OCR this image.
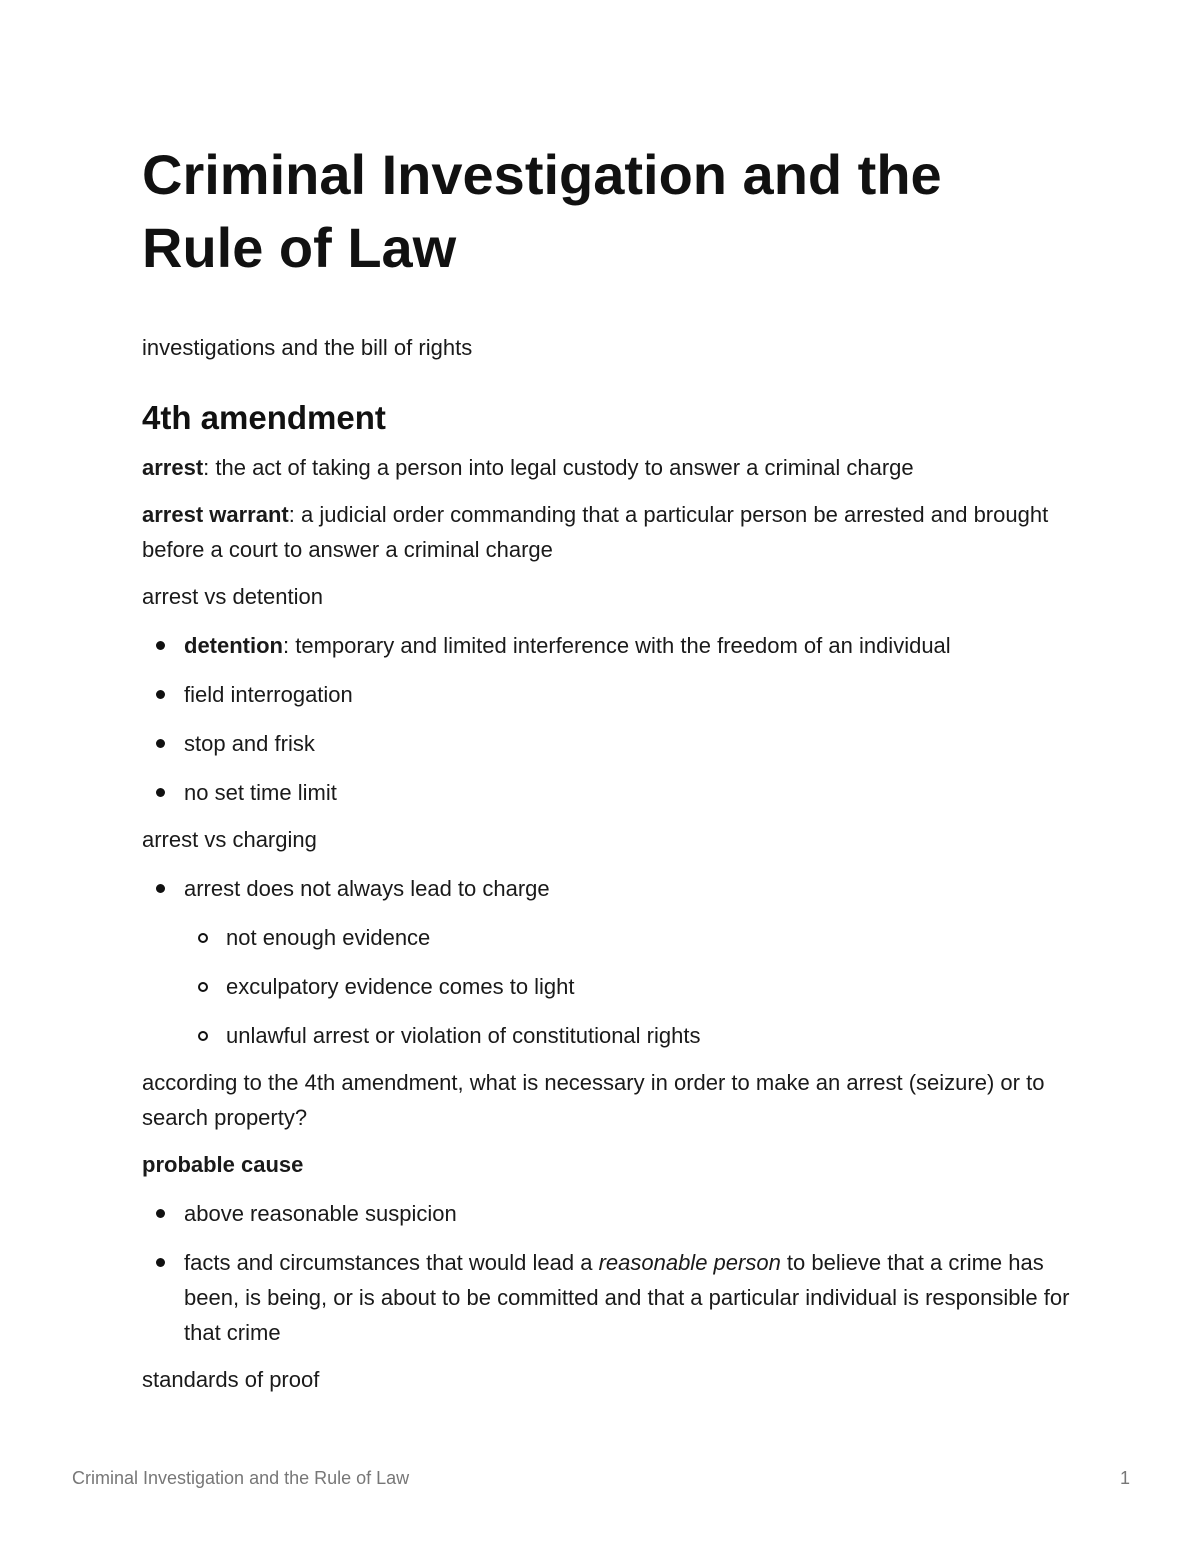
Criminal Investigation and the Rule of Law

investigations and the bill of rights

4th amendment

arrest: the act of taking a person into legal custody to answer a criminal charge

arrest warrant: a judicial order commanding that a particular person be arrested and brought before a court to answer a criminal charge

arrest vs detention

detention: temporary and limited interference with the freedom of an individual
field interrogation
stop and frisk
no set time limit

arrest vs charging

arrest does not always lead to charge
not enough evidence
exculpatory evidence comes to light
unlawful arrest or violation of constitutional rights

according to the 4th amendment, what is necessary in order to make an arrest (seizure) or to search property?

probable cause

above reasonable suspicion
facts and circumstances that would lead a reasonable person to believe that a crime has been, is being, or is about to be committed and that a particular individual is responsible for that crime

standards of proof

Criminal Investigation and the Rule of Law	1
